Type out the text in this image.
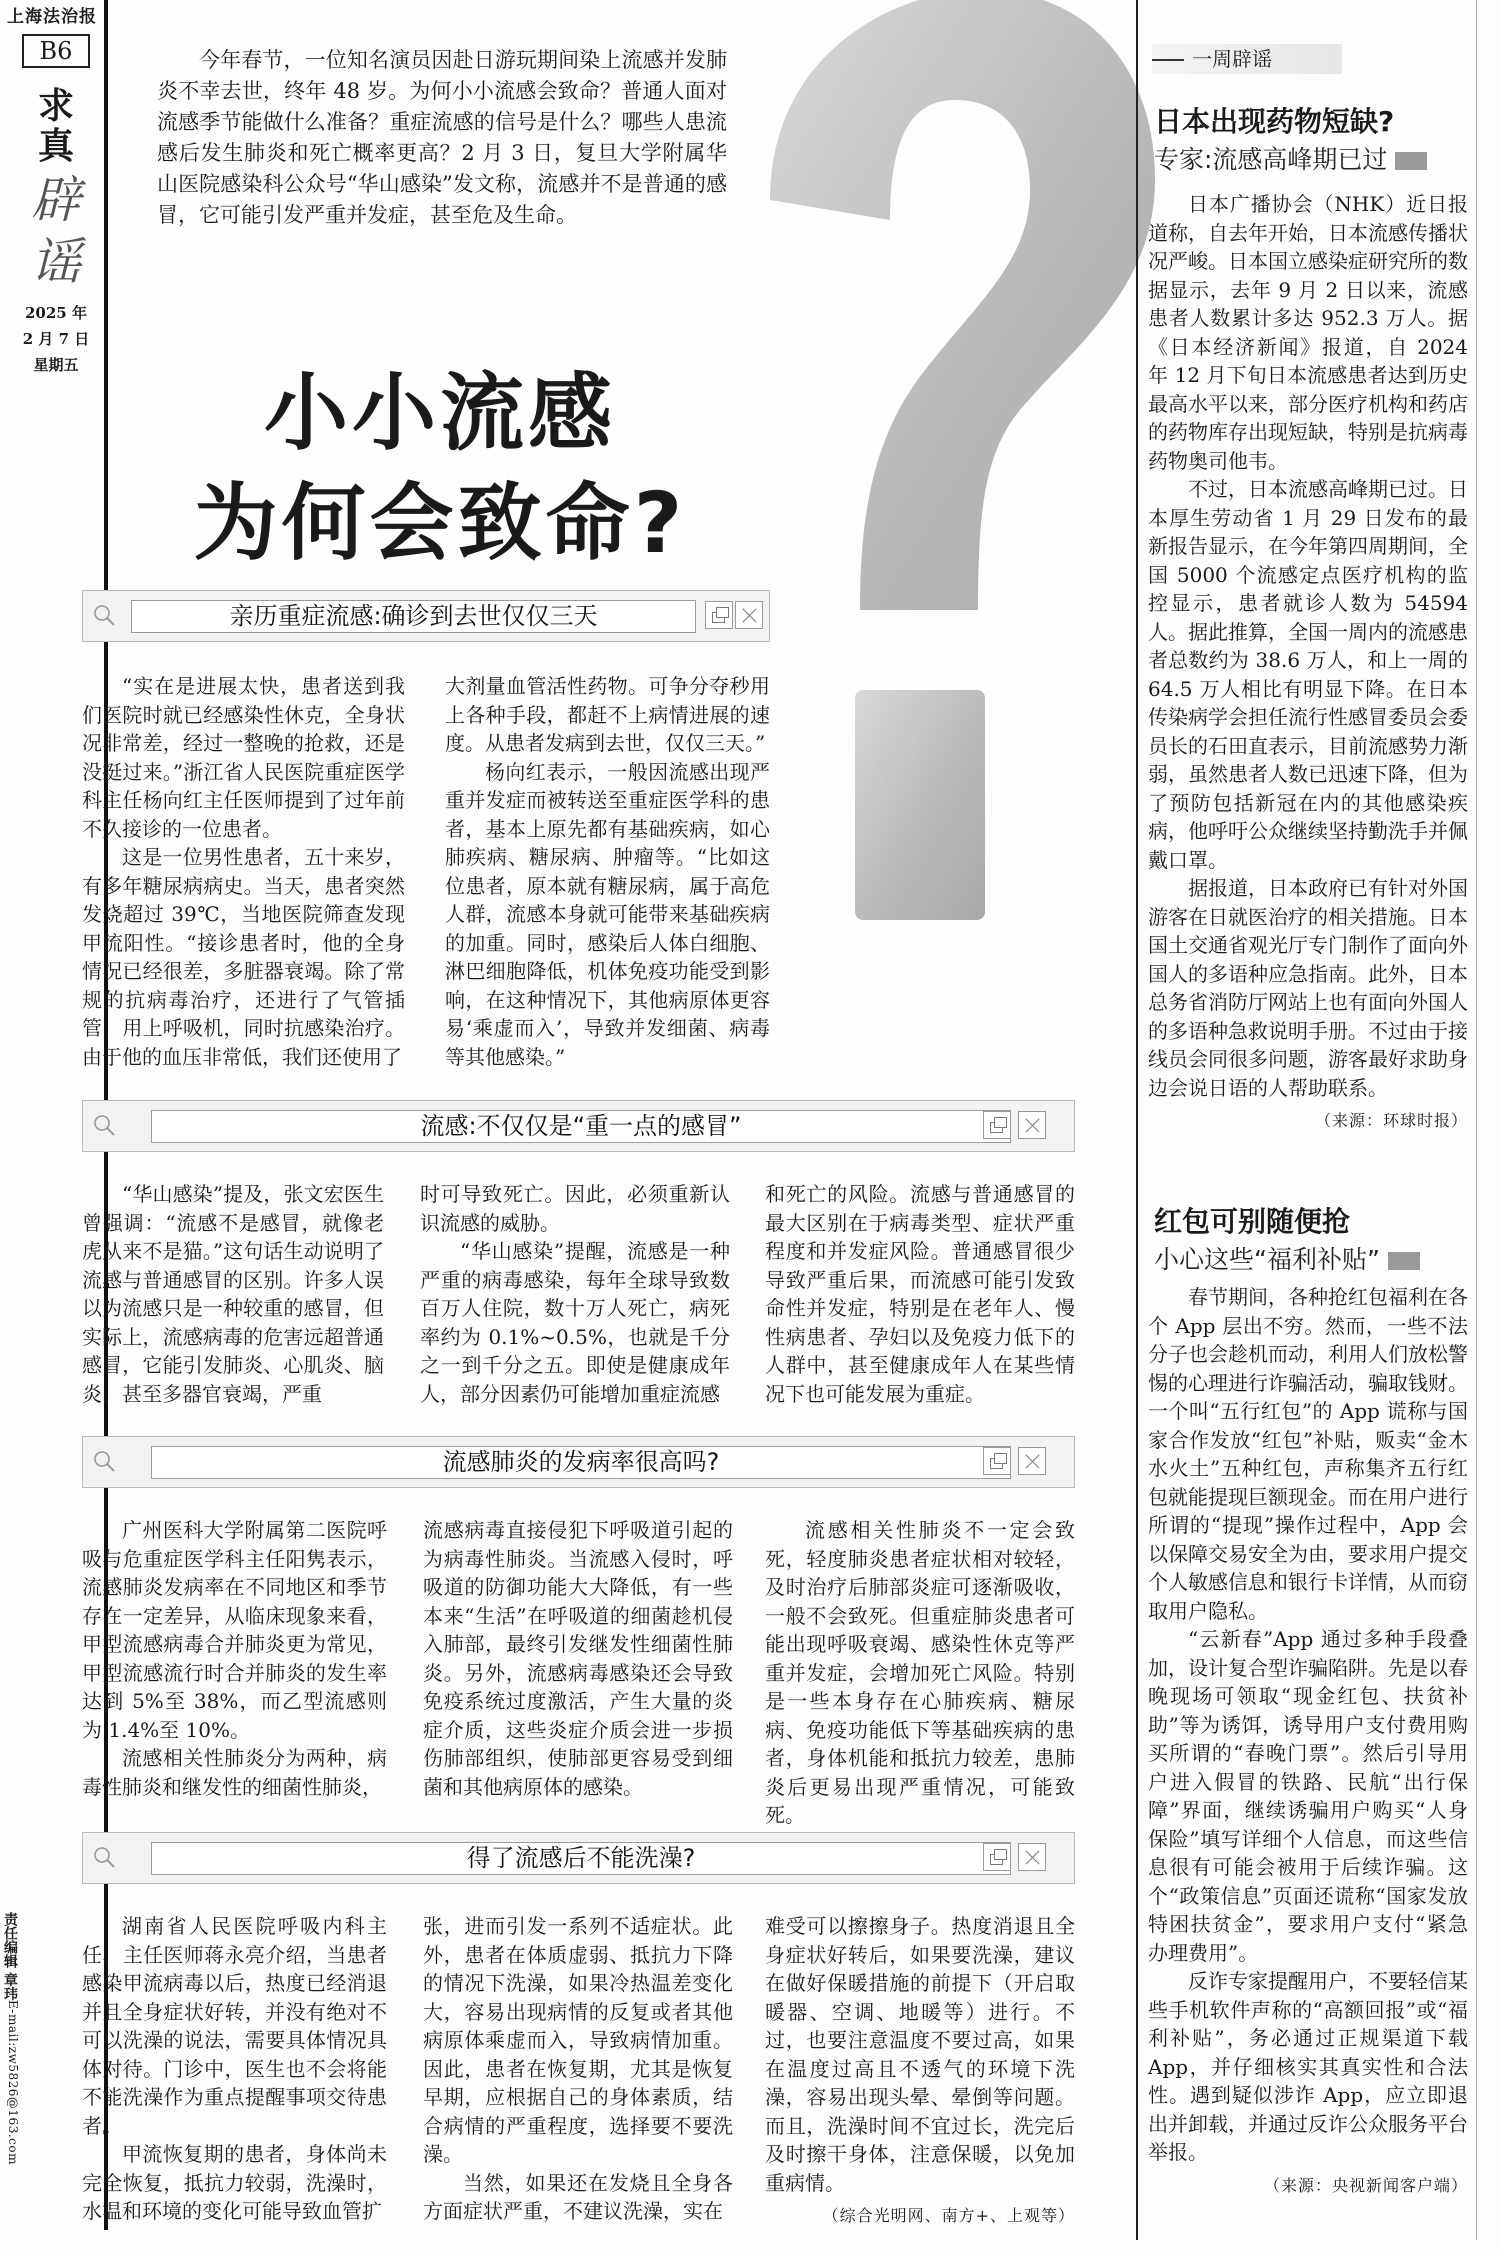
上海法治报
B6
求
真
辟
谣
2025 年
2 月 7 日
星期五
责任编辑 章玮
E-mail:zw5826@163.com
今年春节，一位知名演员因赴日游玩期间染上流感并发肺炎不幸去世，终年 48 岁。为何小小流感会致命？普通人面对流感季节能做什么准备？重症流感的信号是什么？哪些人患流感后发生肺炎和死亡概率更高？2 月 3 日，复旦大学附属华山医院感染科公众号“华山感染”发文称，流感并不是普通的感冒，它可能引发严重并发症，甚至危及生命。
小小流感
为何会致命?
亲历重症流感:确诊到去世仅仅三天

“实在是进展太快，患者送到我们医院时就已经感染性休克，全身状况非常差，经过一整晚的抢救，还是没挺过来。”浙江省人民医院重症医学科主任杨向红主任医师提到了过年前不久接诊的一位患者。

这是一位男性患者，五十来岁，有多年糖尿病病史。当天，患者突然发烧超过 39℃，当地医院筛查发现甲流阳性。“接诊患者时，他的全身情况已经很差，多脏器衰竭。除了常规的抗病毒治疗，还进行了气管插管，用上呼吸机，同时抗感染治疗。由于他的血压非常低，我们还使用了

大剂量血管活性药物。可争分夺秒用上各种手段，都赶不上病情进展的速度。从患者发病到去世，仅仅三天。”

杨向红表示，一般因流感出现严重并发症而被转送至重症医学科的患者，基本上原先都有基础疾病，如心肺疾病、糖尿病、肿瘤等。“比如这位患者，原本就有糖尿病，属于高危人群，流感本身就可能带来基础疾病的加重。同时，感染后人体白细胞、淋巴细胞降低，机体免疫功能受到影响，在这种情况下，其他病原体更容易‘乘虚而入’，导致并发细菌、病毒等其他感染。”

流感:不仅仅是“重一点的感冒”

“华山感染”提及，张文宏医生曾强调：“流感不是感冒，就像老虎从来不是猫。”这句话生动说明了流感与普通感冒的区别。许多人误以为流感只是一种较重的感冒，但实际上，流感病毒的危害远超普通感冒，它能引发肺炎、心肌炎、脑炎，甚至多器官衰竭，严重

时可导致死亡。因此，必须重新认识流感的威胁。

“华山感染”提醒，流感是一种严重的病毒感染，每年全球导致数百万人住院，数十万人死亡，病死率约为 0.1%~0.5%，也就是千分之一到千分之五。即使是健康成年人，部分因素仍可能增加重症流感

和死亡的风险。流感与普通感冒的最大区别在于病毒类型、症状严重程度和并发症风险。普通感冒很少导致严重后果，而流感可能引发致命性并发症，特别是在老年人、慢性病患者、孕妇以及免疫力低下的人群中，甚至健康成年人在某些情况下也可能发展为重症。

流感肺炎的发病率很高吗?

广州医科大学附属第二医院呼吸与危重症医学科主任阳隽表示，流感肺炎发病率在不同地区和季节存在一定差异，从临床现象来看，甲型流感病毒合并肺炎更为常见，甲型流感流行时合并肺炎的发生率达到 5%至 38%，而乙型流感则为 1.4%至 10%。

流感相关性肺炎分为两种，病毒性肺炎和继发性的细菌性肺炎，

流感病毒直接侵犯下呼吸道引起的为病毒性肺炎。当流感入侵时，呼吸道的防御功能大大降低，有一些本来“生活”在呼吸道的细菌趁机侵入肺部，最终引发继发性细菌性肺炎。另外，流感病毒感染还会导致免疫系统过度激活，产生大量的炎症介质，这些炎症介质会进一步损伤肺部组织，使肺部更容易受到细菌和其他病原体的感染。

流感相关性肺炎不一定会致死，轻度肺炎患者症状相对较轻，及时治疗后肺部炎症可逐渐吸收，一般不会致死。但重症肺炎患者可能出现呼吸衰竭、感染性休克等严重并发症，会增加死亡风险。特别是一些本身存在心肺疾病、糖尿病、免疫功能低下等基础疾病的患者，身体机能和抵抗力较差，患肺炎后更易出现严重情况，可能致死。

得了流感后不能洗澡?

湖南省人民医院呼吸内科主任、主任医师蒋永亮介绍，当患者感染甲流病毒以后，热度已经消退并且全身症状好转，并没有绝对不可以洗澡的说法，需要具体情况具体对待。门诊中，医生也不会将能不能洗澡作为重点提醒事项交待患者。

甲流恢复期的患者，身体尚未完全恢复，抵抗力较弱，洗澡时，水温和环境的变化可能导致血管扩

张，进而引发一系列不适症状。此外，患者在体质虚弱、抵抗力下降的情况下洗澡，如果冷热温差变化大，容易出现病情的反复或者其他病原体乘虚而入，导致病情加重。因此，患者在恢复期，尤其是恢复早期，应根据自己的身体素质，结合病情的严重程度，选择要不要洗澡。

当然，如果还在发烧且全身各方面症状严重，不建议洗澡，实在

难受可以擦擦身子。热度消退且全身症状好转后，如果要洗澡，建议在做好保暖措施的前提下（开启取暖器、空调、地暖等）进行。不过，也要注意温度不要过高，如果在温度过高且不透气的环境下洗澡，容易出现头晕、晕倒等问题。而且，洗澡时间不宜过长，洗完后及时擦干身体，注意保暖，以免加重病情。

（综合光明网、南方+、上观等）

一周辟谣
日本出现药物短缺?
专家:流感高峰期已过

日本广播协会（NHK）近日报道称，自去年开始，日本流感传播状况严峻。日本国立感染症研究所的数据显示，去年 9 月 2 日以来，流感患者人数累计多达 952.3 万人。据《日本经济新闻》报道，自 2024 年 12 月下旬日本流感患者达到历史最高水平以来，部分医疗机构和药店的药物库存出现短缺，特别是抗病毒药物奥司他韦。

不过，日本流感高峰期已过。日本厚生劳动省 1 月 29 日发布的最新报告显示，在今年第四周期间，全国 5000 个流感定点医疗机构的监控显示，患者就诊人数为 54594 人。据此推算，全国一周内的流感患者总数约为 38.6 万人，和上一周的 64.5 万人相比有明显下降。在日本传染病学会担任流行性感冒委员会委员长的石田直表示，目前流感势力渐弱，虽然患者人数已迅速下降，但为了预防包括新冠在内的其他感染疾病，他呼吁公众继续坚持勤洗手并佩戴口罩。

据报道，日本政府已有针对外国游客在日就医治疗的相关措施。日本国土交通省观光厅专门制作了面向外国人的多语种应急指南。此外，日本总务省消防厅网站上也有面向外国人的多语种急救说明手册。不过由于接线员会同很多问题，游客最好求助身边会说日语的人帮助联系。

（来源：环球时报）

红包可别随便抢
小心这些“福利补贴”

春节期间，各种抢红包福利在各个 App 层出不穷。然而，一些不法分子也会趁机而动，利用人们放松警惕的心理进行诈骗活动，骗取钱财。一个叫“五行红包”的 App 谎称与国家合作发放“红包”补贴，贩卖“金木水火土”五种红包，声称集齐五行红包就能提现巨额现金。而在用户进行所谓的“提现”操作过程中，App 会以保障交易安全为由，要求用户提交个人敏感信息和银行卡详情，从而窃取用户隐私。

“云新春”App 通过多种手段叠加，设计复合型诈骗陷阱。先是以春晚现场可领取“现金红包、扶贫补助”等为诱饵，诱导用户支付费用购买所谓的“春晚门票”。然后引导用户进入假冒的铁路、民航“出行保障”界面，继续诱骗用户购买“人身保险”填写详细个人信息，而这些信息很有可能会被用于后续诈骗。这个“政策信息”页面还谎称“国家发放特困扶贫金”，要求用户支付“紧急办理费用”。

反诈专家提醒用户，不要轻信某些手机软件声称的“高额回报”或“福利补贴”，务必通过正规渠道下载 App，并仔细核实其真实性和合法性。遇到疑似涉诈 App，应立即退出并卸载，并通过反诈公众服务平台举报。

（来源：央视新闻客户端）
